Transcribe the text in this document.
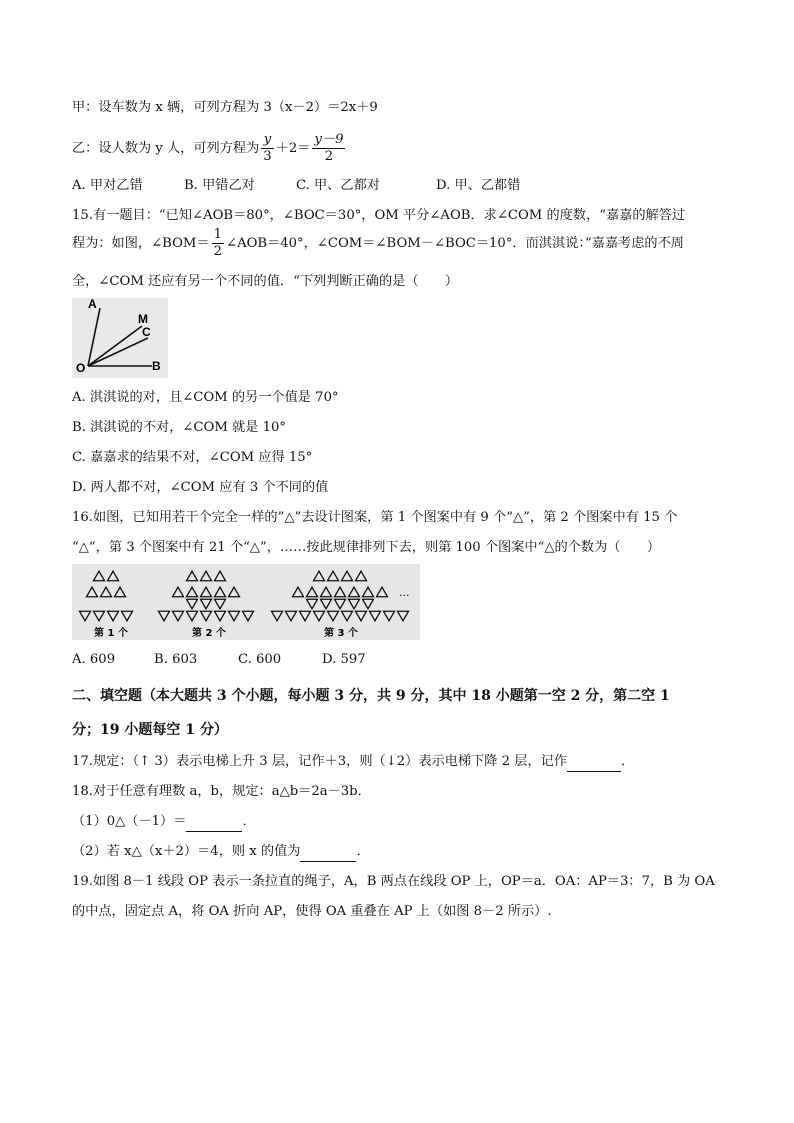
甲：设车数为 x 辆，可列方程为 3（x－2）＝2x＋9
乙：设人数为 y 人，可列方程为 $\frac{y}{3} +2= \frac{y-9}{2}$
A. 甲对乙错	B. 甲错乙对	C. 甲、乙都对	D. 甲、乙都错
15.有一题目：“已知∠AOB＝80°，∠BOC＝30°，OM 平分∠AOB．求∠COM 的度数，“嘉嘉的解答过
程为：如图，∠BOM＝ $\frac{1}{2}$ ∠AOB＝40°，∠COM＝∠BOM－∠BOC＝10°．而淇淇说：”嘉嘉考虑的不周
全，∠COM 还应有另一个不同的值．“下列判断正确的是（　　）
A
M
C
O	B
A. 淇淇说的对，且∠COM 的另一个值是 70°
B. 淇淇说的不对，∠COM 就是 10°
C. 嘉嘉求的结果不对，∠COM 应得 15°
D. 两人都不对，∠COM 应有 3 个不同的值
16.如图，已知用若干个完全一样的”△”去设计图案，第 1 个图案中有 9 个“△”，第 2 个图案中有 15 个
“△”，第 3 个图案中有 21 个“△”，……按此规律排列下去，则第 100 个图案中“△的个数为（　　）
第 1 个	第 2 个	第 3 个
...
A. 609	B. 603	C. 600	D. 597
二、填空题（本大题共 3 个小题，每小题 3 分，共 9 分，其中 18 小题第一空 2 分，第二空 1
分；19 小题每空 1 分）
17.规定：（↑ 3）表示电梯上升 3 层，记作＋3，则（↓2）表示电梯下降 2 层，记作	．
18.对于任意有理数 a，b，规定：a△b＝2a－3b．
（1）0△（－1）＝	．
（2）若 x△（x＋2）＝4，则 x 的值为	．
19.如图 8－1 线段 OP 表示一条拉直的绳子，A，B 两点在线段 OP 上，OP＝a．OA：AP＝3：7，B 为 OA
的中点，固定点 A，将 OA 折向 AP，使得 OA 重叠在 AP 上（如图 8－2 所示）.
